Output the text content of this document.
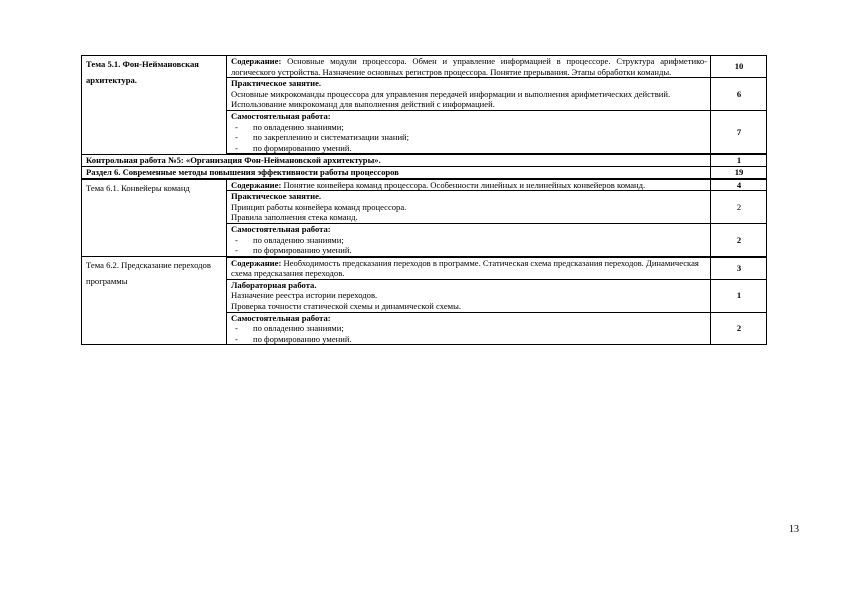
Тема 5.1. Фон-Неймановская архитектура.	Содержание: Основные модули процессора. Обмен и управление информацией в процессоре. Структура арифметико-логического устройства. Назначение основных регистров процессора. Понятие прерывания. Этапы обработки команды.	10

	Практическое занятие.
Основные микрокоманды процессора для управления передачей информации и выполнения арифметических действий.
Использование микрокоманд для выполнения действий с информацией.	6

	Самостоятельная работа:
- по овладению знаниями;
- по закреплению и систематизации знаний;
- по формированию умений.	7
Контрольная работа №5: «Организация Фон-Неймановской архитектуры».		1
Раздел 6. Современные методы повышения эффективности работы процессоров		19
Тема 6.1. Конвейеры команд	Содержание: Понятие конвейера команд процессора. Особенности линейных и нелинейных конвейеров команд.	4

	Практическое занятие.
Принцип работы конвейера команд процессора.
Правила заполнения стека команд.	2

	Самостоятельная работа:
- по овладению знаниями;
- по формированию умений.	2
Тема 6.2. Предсказание переходов программы	Содержание: Необходимость предсказания переходов в программе. Статическая схема предсказания переходов. Динамическая схема предсказания переходов.	3

	Лабораторная работа.
Назначение реестра истории переходов.
Проверка точности статической схемы и динамической схемы.	1

	Самостоятельная работа:
- по овладению знаниями;
- по формированию умений.	2
13
